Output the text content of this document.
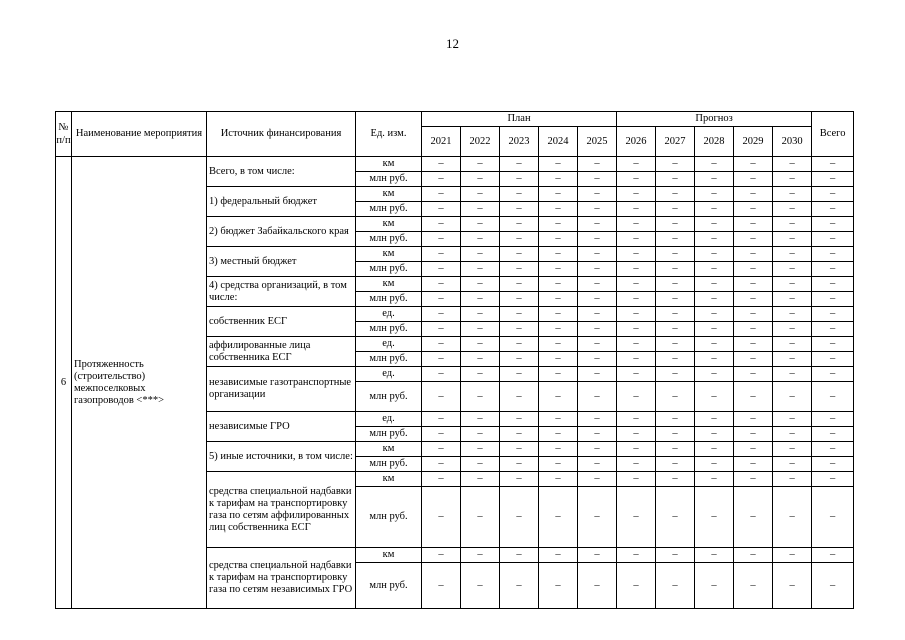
12
№ п/п	Наименование мероприятия	Источник финансирования	Ед. изм.	План					Прогноз					Всего
				2021	2022	2023	2024	2025	2026	2027	2028	2029	2030	
6	Протяженность (строительство) межпоселковых газопроводов <***>	Всего, в том числе:	км	–	–	–	–	–	–	–	–	–	–	–
			млн руб.	–	–	–	–	–	–	–	–	–	–	–
		1) федеральный бюджет	км	–	–	–	–	–	–	–	–	–	–	–
			млн руб.	–	–	–	–	–	–	–	–	–	–	–
		2) бюджет Забайкальского края	км	–	–	–	–	–	–	–	–	–	–	–
			млн руб.	–	–	–	–	–	–	–	–	–	–	–
		3) местный бюджет	км	–	–	–	–	–	–	–	–	–	–	–
			млн руб.	–	–	–	–	–	–	–	–	–	–	–
		4) средства организаций, в том числе:	км	–	–	–	–	–	–	–	–	–	–	–
			млн руб.	–	–	–	–	–	–	–	–	–	–	–
		собственник ЕСГ	ед.	–	–	–	–	–	–	–	–	–	–	–
			млн руб.	–	–	–	–	–	–	–	–	–	–	–
		аффилированные лица собственника ЕСГ	ед.	–	–	–	–	–	–	–	–	–	–	–
			млн руб.	–	–	–	–	–	–	–	–	–	–	–
		независимые газотранспортные организации	ед.	–	–	–	–	–	–	–	–	–	–	–
			млн руб.	–	–	–	–	–	–	–	–	–	–	–
		независимые ГРО	ед.	–	–	–	–	–	–	–	–	–	–	–
			млн руб.	–	–	–	–	–	–	–	–	–	–	–
		5) иные источники, в том числе:	км	–	–	–	–	–	–	–	–	–	–	–
			млн руб.	–	–	–	–	–	–	–	–	–	–	–
		средства специальной надбавки к тарифам на транспортировку газа по сетям аффилированных лиц собственника ЕСГ	км	–	–	–	–	–	–	–	–	–	–	–
			млн руб.	–	–	–	–	–	–	–	–	–	–	–
		средства специальной надбавки к тарифам на транспортировку газа по сетям независимых ГРО	км	–	–	–	–	–	–	–	–	–	–	–
			млн руб.	–	–	–	–	–	–	–	–	–	–	–
